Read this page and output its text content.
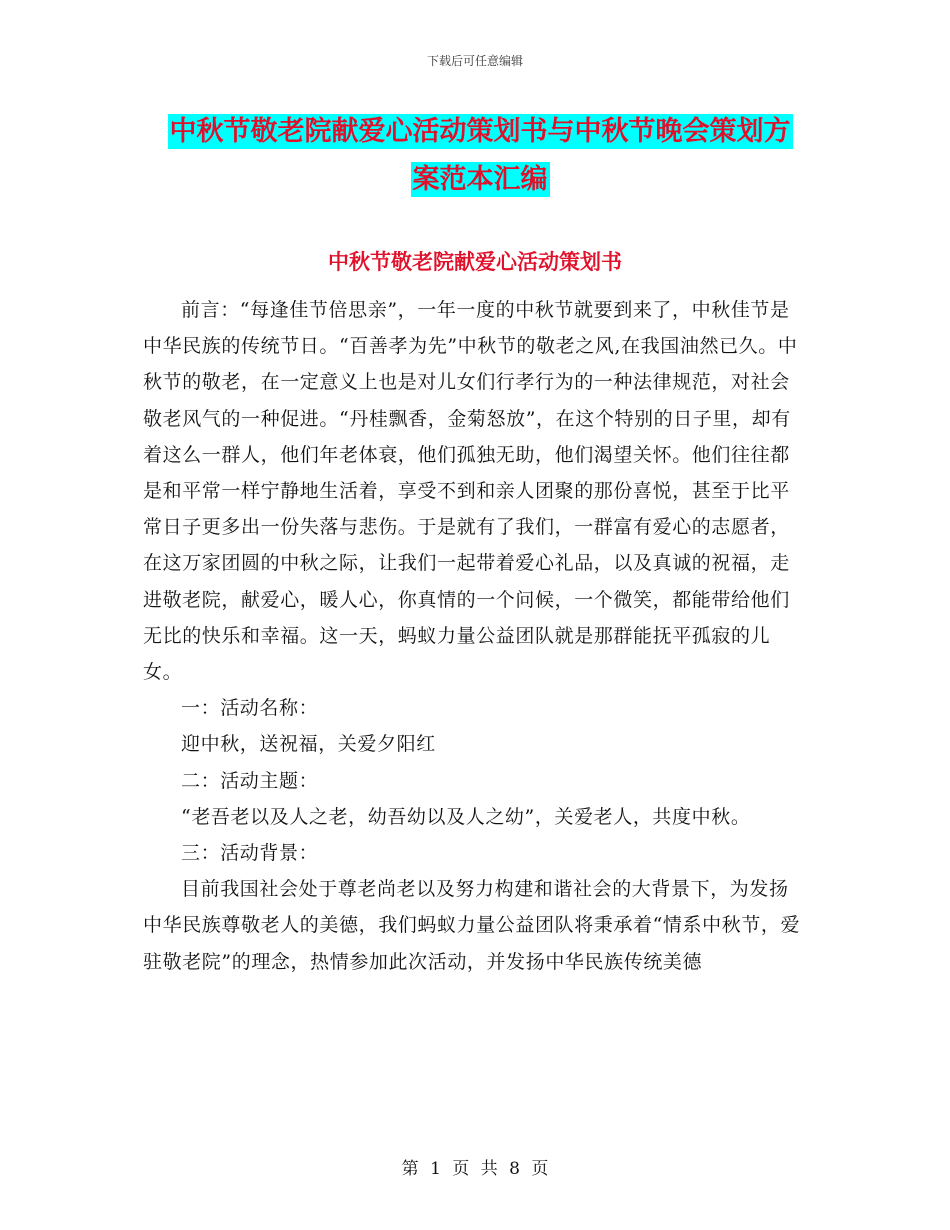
下载后可任意编辑
中秋节敬老院献爱心活动策划书与中秋节晚会策划方
案范本汇编
中秋节敬老院献爱心活动策划书

前言：“每逢佳节倍思亲”，一年一度的中秋节就要到来了，中秋佳节是中华民族的传统节日。“百善孝为先”中秋节的敬老之风,在我国油然已久。中秋节的敬老，在一定意义上也是对儿女们行孝行为的一种法律规范，对社会敬老风气的一种促进。“丹桂飘香，金菊怒放”，在这个特别的日子里，却有着这么一群人，他们年老体衰，他们孤独无助，他们渴望关怀。他们往往都是和平常一样宁静地生活着，享受不到和亲人团聚的那份喜悦，甚至于比平常日子更多出一份失落与悲伤。于是就有了我们，一群富有爱心的志愿者，在这万家团圆的中秋之际，让我们一起带着爱心礼品，以及真诚的祝福，走进敬老院，献爱心，暖人心，你真情的一个问候，一个微笑，都能带给他们无比的快乐和幸福。这一天，蚂蚁力量公益团队就是那群能抚平孤寂的儿女。

一：活动名称：

迎中秋，送祝福，关爱夕阳红

二：活动主题：

“老吾老以及人之老，幼吾幼以及人之幼”，关爱老人，共度中秋。

三：活动背景：

目前我国社会处于尊老尚老以及努力构建和谐社会的大背景下，为发扬中华民族尊敬老人的美德，我们蚂蚁力量公益团队将秉承着“情系中秋节，爱驻敬老院”的理念，热情参加此次活动，并发扬中华民族传统美德

第 1 页 共 8 页
